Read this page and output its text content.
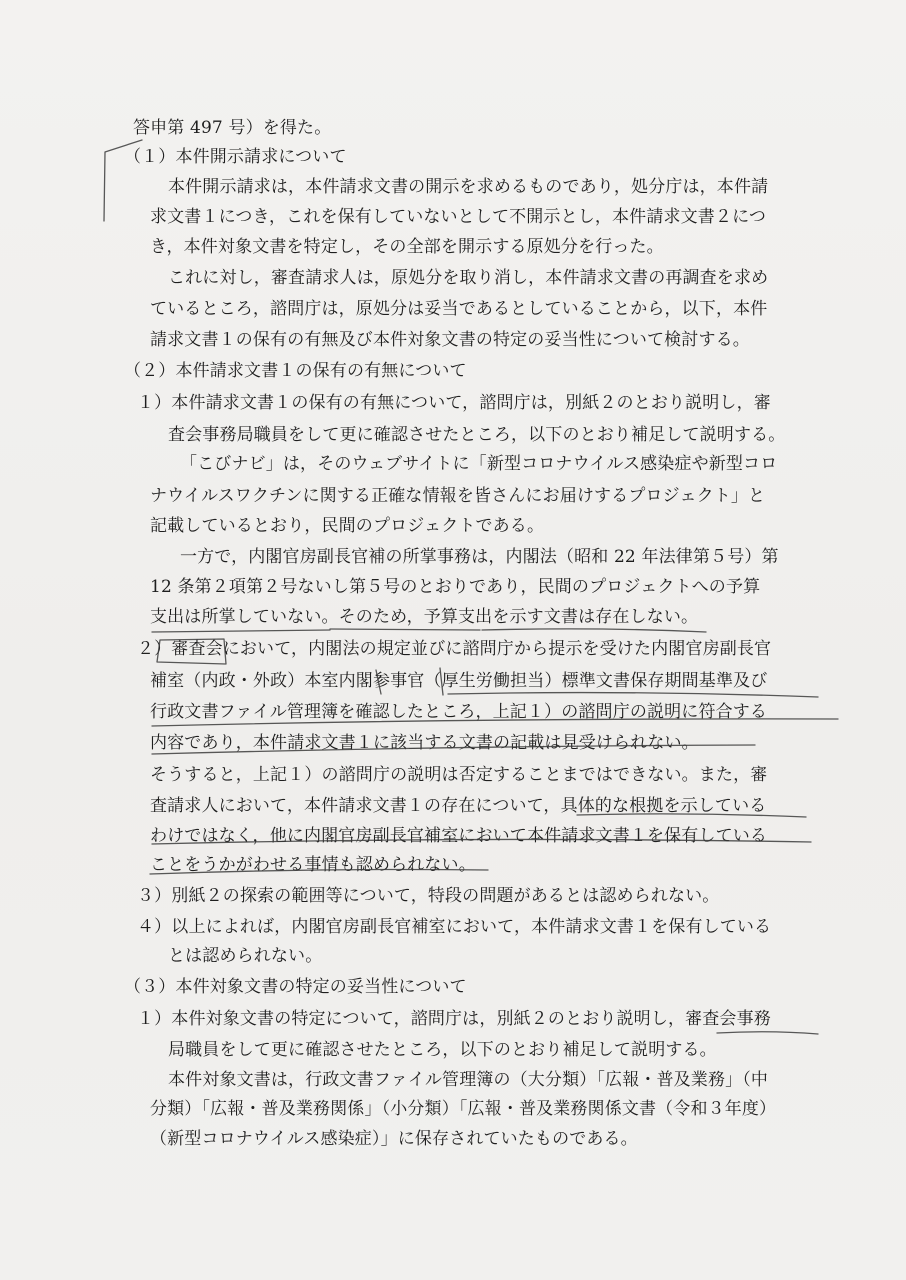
答申第 497 号）を得た。
（１）本件開示請求について
本件開示請求は，本件請求文書の開示を求めるものであり，処分庁は，本件請
求文書１につき，これを保有していないとして不開示とし，本件請求文書２につ
き，本件対象文書を特定し，その全部を開示する原処分を行った。
これに対し，審査請求人は，原処分を取り消し，本件請求文書の再調査を求め
ているところ，諮問庁は，原処分は妥当であるとしていることから，以下，本件
請求文書１の保有の有無及び本件対象文書の特定の妥当性について検討する。
（２）本件請求文書１の保有の有無について
１）本件請求文書１の保有の有無について，諮問庁は，別紙２のとおり説明し，審
査会事務局職員をして更に確認させたところ，以下のとおり補足して説明する。
「こびナビ」は，そのウェブサイトに「新型コロナウイルス感染症や新型コロ
ナウイルスワクチンに関する正確な情報を皆さんにお届けするプロジェクト」と
記載しているとおり，民間のプロジェクトである。
一方で，内閣官房副長官補の所掌事務は，内閣法（昭和 22 年法律第５号）第
12 条第２項第２号ないし第５号のとおりであり，民間のプロジェクトへの予算
支出は所掌していない。そのため，予算支出を示す文書は存在しない。
２）審査会において，内閣法の規定並びに諮問庁から提示を受けた内閣官房副長官
補室（内政・外政）本室内閣参事官（厚生労働担当）標準文書保存期間基準及び
行政文書ファイル管理簿を確認したところ，上記１）の諮問庁の説明に符合する
内容であり，本件請求文書１に該当する文書の記載は見受けられない。
そうすると，上記１）の諮問庁の説明は否定することまではできない。また，審
査請求人において，本件請求文書１の存在について，具体的な根拠を示している
わけではなく，他に内閣官房副長官補室において本件請求文書１を保有している
ことをうかがわせる事情も認められない。
３）別紙２の探索の範囲等について，特段の問題があるとは認められない。
４）以上によれば，内閣官房副長官補室において，本件請求文書１を保有している
とは認められない。
（３）本件対象文書の特定の妥当性について
１）本件対象文書の特定について，諮問庁は，別紙２のとおり説明し，審査会事務
局職員をして更に確認させたところ，以下のとおり補足して説明する。
本件対象文書は，行政文書ファイル管理簿の（大分類）「広報・普及業務」（中
分類）「広報・普及業務関係」（小分類）「広報・普及業務関係文書（令和３年度）
（新型コロナウイルス感染症）」に保存されていたものである。
